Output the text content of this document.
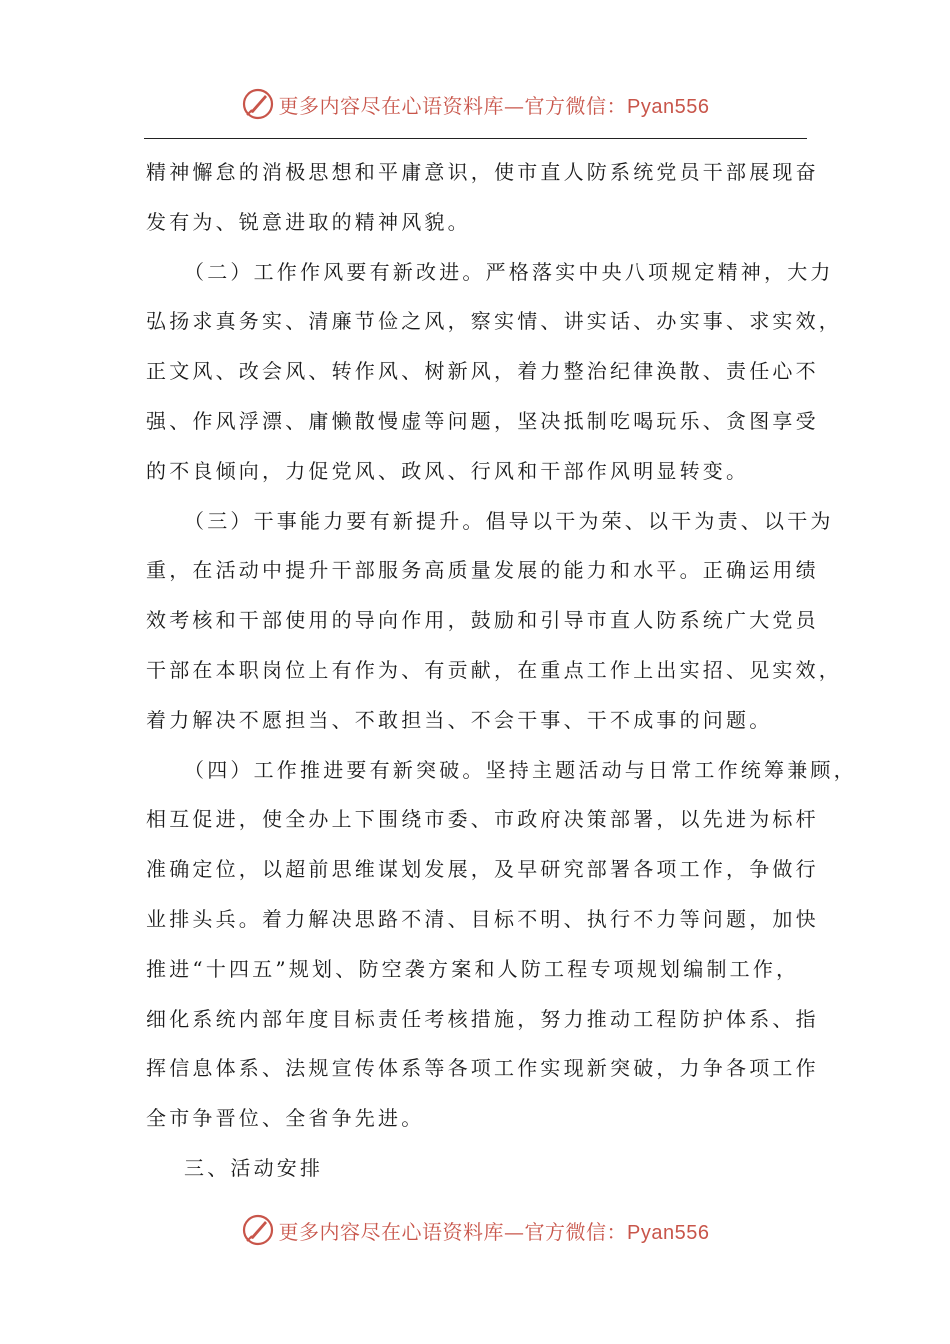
更多内容尽在心语资料库—官方微信：Pyan556
精神懈怠的消极思想和平庸意识，使市直人防系统党员干部展现奋
发有为、锐意进取的精神风貌。
（二）工作作风要有新改进。严格落实中央八项规定精神，大力
弘扬求真务实、清廉节俭之风，察实情、讲实话、办实事、求实效，
正文风、改会风、转作风、树新风，着力整治纪律涣散、责任心不
强、作风浮漂、庸懒散慢虚等问题，坚决抵制吃喝玩乐、贪图享受
的不良倾向，力促党风、政风、行风和干部作风明显转变。
（三）干事能力要有新提升。倡导以干为荣、以干为责、以干为
重，在活动中提升干部服务高质量发展的能力和水平。正确运用绩
效考核和干部使用的导向作用，鼓励和引导市直人防系统广大党员
干部在本职岗位上有作为、有贡献，在重点工作上出实招、见实效，
着力解决不愿担当、不敢担当、不会干事、干不成事的问题。
（四）工作推进要有新突破。坚持主题活动与日常工作统筹兼顾，
相互促进，使全办上下围绕市委、市政府决策部署，以先进为标杆
准确定位，以超前思维谋划发展，及早研究部署各项工作，争做行
业排头兵。着力解决思路不清、目标不明、执行不力等问题，加快
推进“十四五”规划、防空袭方案和人防工程专项规划编制工作，
细化系统内部年度目标责任考核措施，努力推动工程防护体系、指
挥信息体系、法规宣传体系等各项工作实现新突破，力争各项工作
全市争晋位、全省争先进。
三、活动安排
更多内容尽在心语资料库—官方微信：Pyan556
